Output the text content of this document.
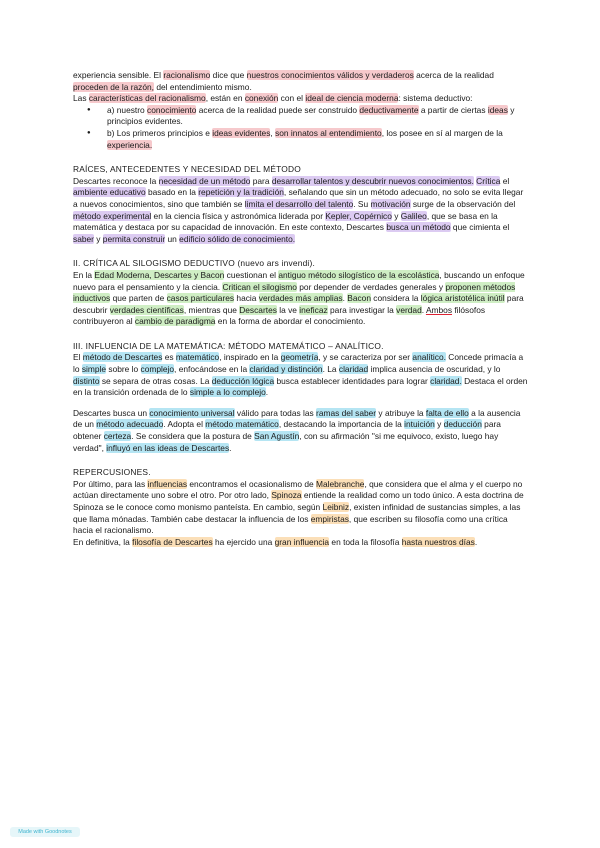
experiencia sensible. El racionalismo dice que nuestros conocimientos válidos y verdaderos acerca de la realidad proceden de la razón, del entendimiento mismo.

Las características del racionalismo, están en conexión con el ideal de ciencia moderna: sistema deductivo:

● a) nuestro conocimiento acerca de la realidad puede ser construido deductivamente a partir de ciertas ideas y principios evidentes.
● b) Los primeros principios e ideas evidentes, son innatos al entendimiento, los posee en sí al margen de la experiencia.

RAÍCES, ANTECEDENTES Y NECESIDAD DEL MÉTODO

Descartes reconoce la necesidad de un método para desarrollar talentos y descubrir nuevos conocimientos. Crítica el ambiente educativo basado en la repetición y la tradición, señalando que sin un método adecuado, no solo se evita llegar a nuevos conocimientos, sino que también se limita el desarrollo del talento. Su motivación surge de la observación del método experimental en la ciencia física y astronómica liderada por Kepler, Copérnico y Galileo, que se basa en la matemática y destaca por su capacidad de innovación. En este contexto, Descartes busca un método que cimienta el saber y permita construir un edificio sólido de conocimiento.

II. CRÍTICA AL SILOGISMO DEDUCTIVO (nuevo ars invendi).

En la Edad Moderna, Descartes y Bacon cuestionan el antiguo método silogístico de la escolástica, buscando un enfoque nuevo para el pensamiento y la ciencia. Critican el silogismo por depender de verdades generales y proponen métodos inductivos que parten de casos particulares hacia verdades más amplias. Bacon considera la lógica aristotélica inútil para descubrir verdades científicas, mientras que Descartes la ve ineficaz para investigar la verdad. Ambos filósofos contribuyeron al cambio de paradigma en la forma de abordar el conocimiento.

III. INFLUENCIA DE LA MATEMÁTICA: MÉTODO MATEMÁTICO – ANALÍTICO.

El método de Descartes es matemático, inspirado en la geometría, y se caracteriza por ser analítico. Concede primacía a lo simple sobre lo complejo, enfocándose en la claridad y distinción. La claridad implica ausencia de oscuridad, y lo distinto se separa de otras cosas. La deducción lógica busca establecer identidades para lograr claridad. Destaca el orden en la transición ordenada de lo simple a lo complejo.

Descartes busca un conocimiento universal válido para todas las ramas del saber y atribuye la falta de ello a la ausencia de un método adecuado. Adopta el método matemático, destacando la importancia de la intuición y deducción para obtener certeza. Se considera que la postura de San Agustín, con su afirmación "si me equivoco, existo, luego hay verdad", influyó en las ideas de Descartes.

REPERCUSIONES.

Por último, para las influencias encontramos el ocasionalismo de Malebranche, que considera que el alma y el cuerpo no actúan directamente uno sobre el otro. Por otro lado, Spinoza entiende la realidad como un todo único. A esta doctrina de Spinoza se le conoce como monismo panteísta. En cambio, según Leibniz, existen infinidad de sustancias simples, a las que llama mónadas. También cabe destacar la influencia de los empiristas, que escriben su filosofía como una crítica hacia el racionalismo.

En definitiva, la filosofía de Descartes ha ejercido una gran influencia en toda la filosofía hasta nuestros días.

Made with Goodnotes
